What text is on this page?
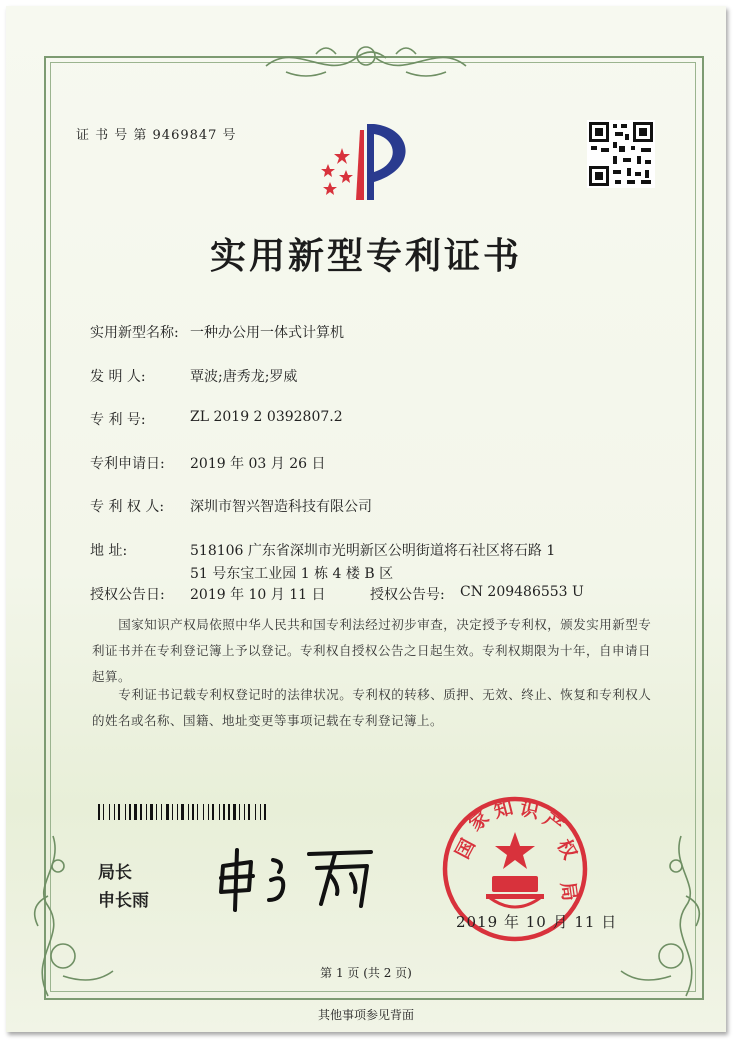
证 书 号 第 9469847 号
实用新型专利证书
实用新型名称: 一种办公用一体式计算机
发 明 人:	覃波;唐秀龙;罗威
专 利 号:	ZL 2019 2 0392807.2
专利申请日: 2019 年 03 月 26 日
专 利 权 人: 深圳市智兴智造科技有限公司
地 址:	518106 广东省深圳市光明新区公明街道将石社区将石路 1
51 号东宝工业园 1 栋 4 楼 B 区
授权公告日: 2019 年 10 月 11 日	授权公告号: CN 209486553 U
国家知识产权局依照中华人民共和国专利法经过初步审查，决定授予专利权，颁发实用新型专利证书并在专利登记簿上予以登记。专利权自授权公告之日起生效。专利权期限为十年，自申请日起算。
专利证书记载专利权登记时的法律状况。专利权的转移、质押、无效、终止、恢复和专利权人的姓名或名称、国籍、地址变更等事项记载在专利登记簿上。
局长
申长雨
国
家
知 识
产
权
局
2019 年 10 月 11 日
第 1 页 (共 2 页)
其他事项参见背面
